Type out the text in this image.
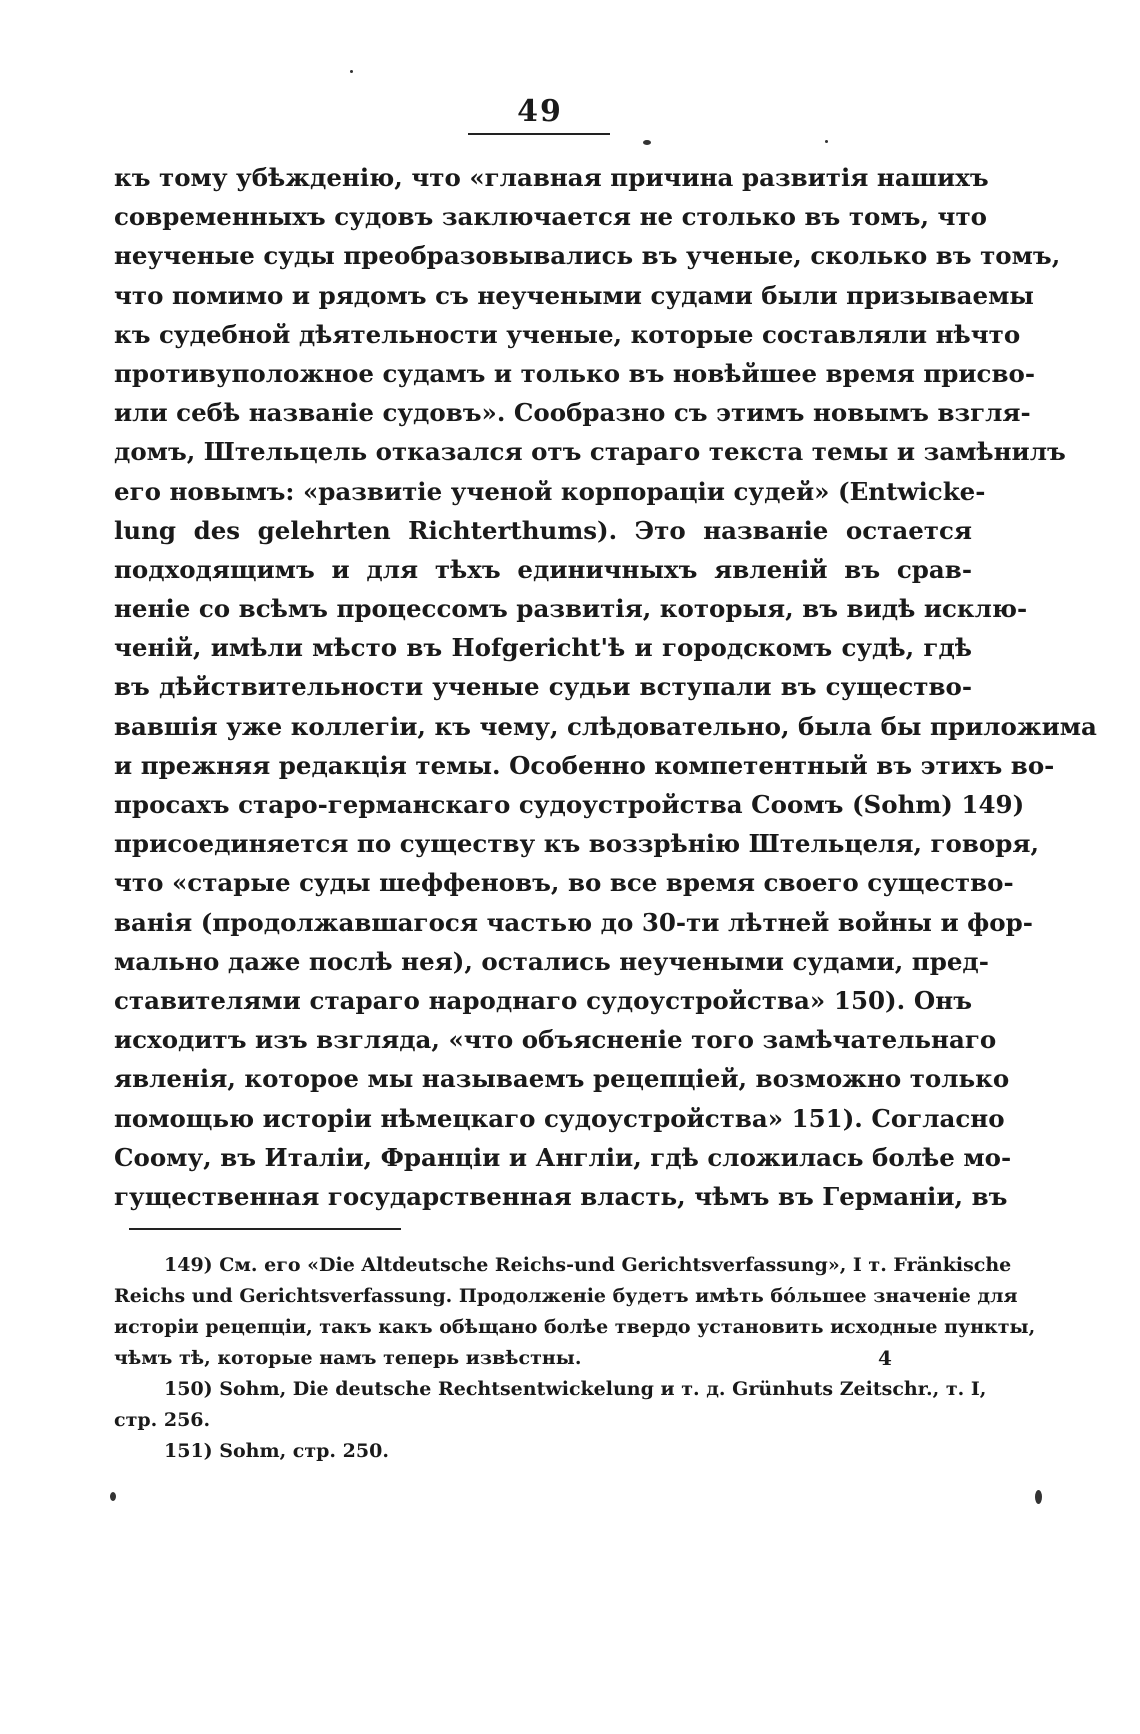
49
къ тому убѣжденію, что «главная причина развитія нашихъ
современныхъ судовъ заключается не столько въ томъ, что
неученые суды преобразовывались въ ученые, сколько въ томъ,
что помимо и рядомъ съ неучеными судами были призываемы
къ судебной дѣятельности ученые, которые составляли нѣчто
противуположное судамъ и только въ новѣйшее время присво-
или себѣ названіе судовъ». Сообразно съ этимъ новымъ взгля-
домъ, Штельцель отказался отъ стараго текста темы и замѣнилъ
его новымъ: «развитіе ученой корпораціи судей» (Entwicke-
lung des gelehrten Richterthums). Это названіе остается
подходящимъ и для тѣхъ единичныхъ явленій въ срав-
неніе со всѣмъ процессомъ развитія, которыя, въ видѣ исклю-
ченій, имѣли мѣсто въ Hofgericht'ѣ и городскомъ судѣ, гдѣ
въ дѣйствительности ученые судьи вступали въ существо-
вавшія уже коллегіи, къ чему, слѣдовательно, была бы приложима
и прежняя редакція темы. Особенно компетентный въ этихъ во-
просахъ старо-германскаго судоустройства Соомъ (Sohm) 149)
присоединяется по существу къ воззрѣнію Штельцеля, говоря,
что «старые суды шеффеновъ, во все время своего существо-
ванія (продолжавшагося частью до 30-ти лѣтней войны и фор-
мально даже послѣ нея), остались неучеными судами, пред-
ставителями стараго народнаго судоустройства» 150). Онъ
исходитъ изъ взгляда, «что объясненіе того замѣчательнаго
явленія, которое мы называемъ рецепціей, возможно только
помощью исторіи нѣмецкаго судоустройства» 151). Согласно
Соому, въ Италіи, Франціи и Англіи, гдѣ сложилась болѣе мо-
гущественная государственная власть, чѣмъ въ Германіи, въ
149) См. его «Die Altdeutsche Reichs-und Gerichtsverfassung», I т. Fränkische
Reichs und Gerichtsverfassung. Продолженіе будетъ имѣть бóльшее значеніе для
исторіи рецепціи, такъ какъ обѣщано болѣе твердо установить исходные пункты,
чѣмъ тѣ, которые намъ теперь извѣстны.
150) Sohm, Die deutsche Rechtsentwickelung и т. д. Grünhuts Zeitschr., т. I,
стр. 256.
151) Sohm, стр. 250.
4
